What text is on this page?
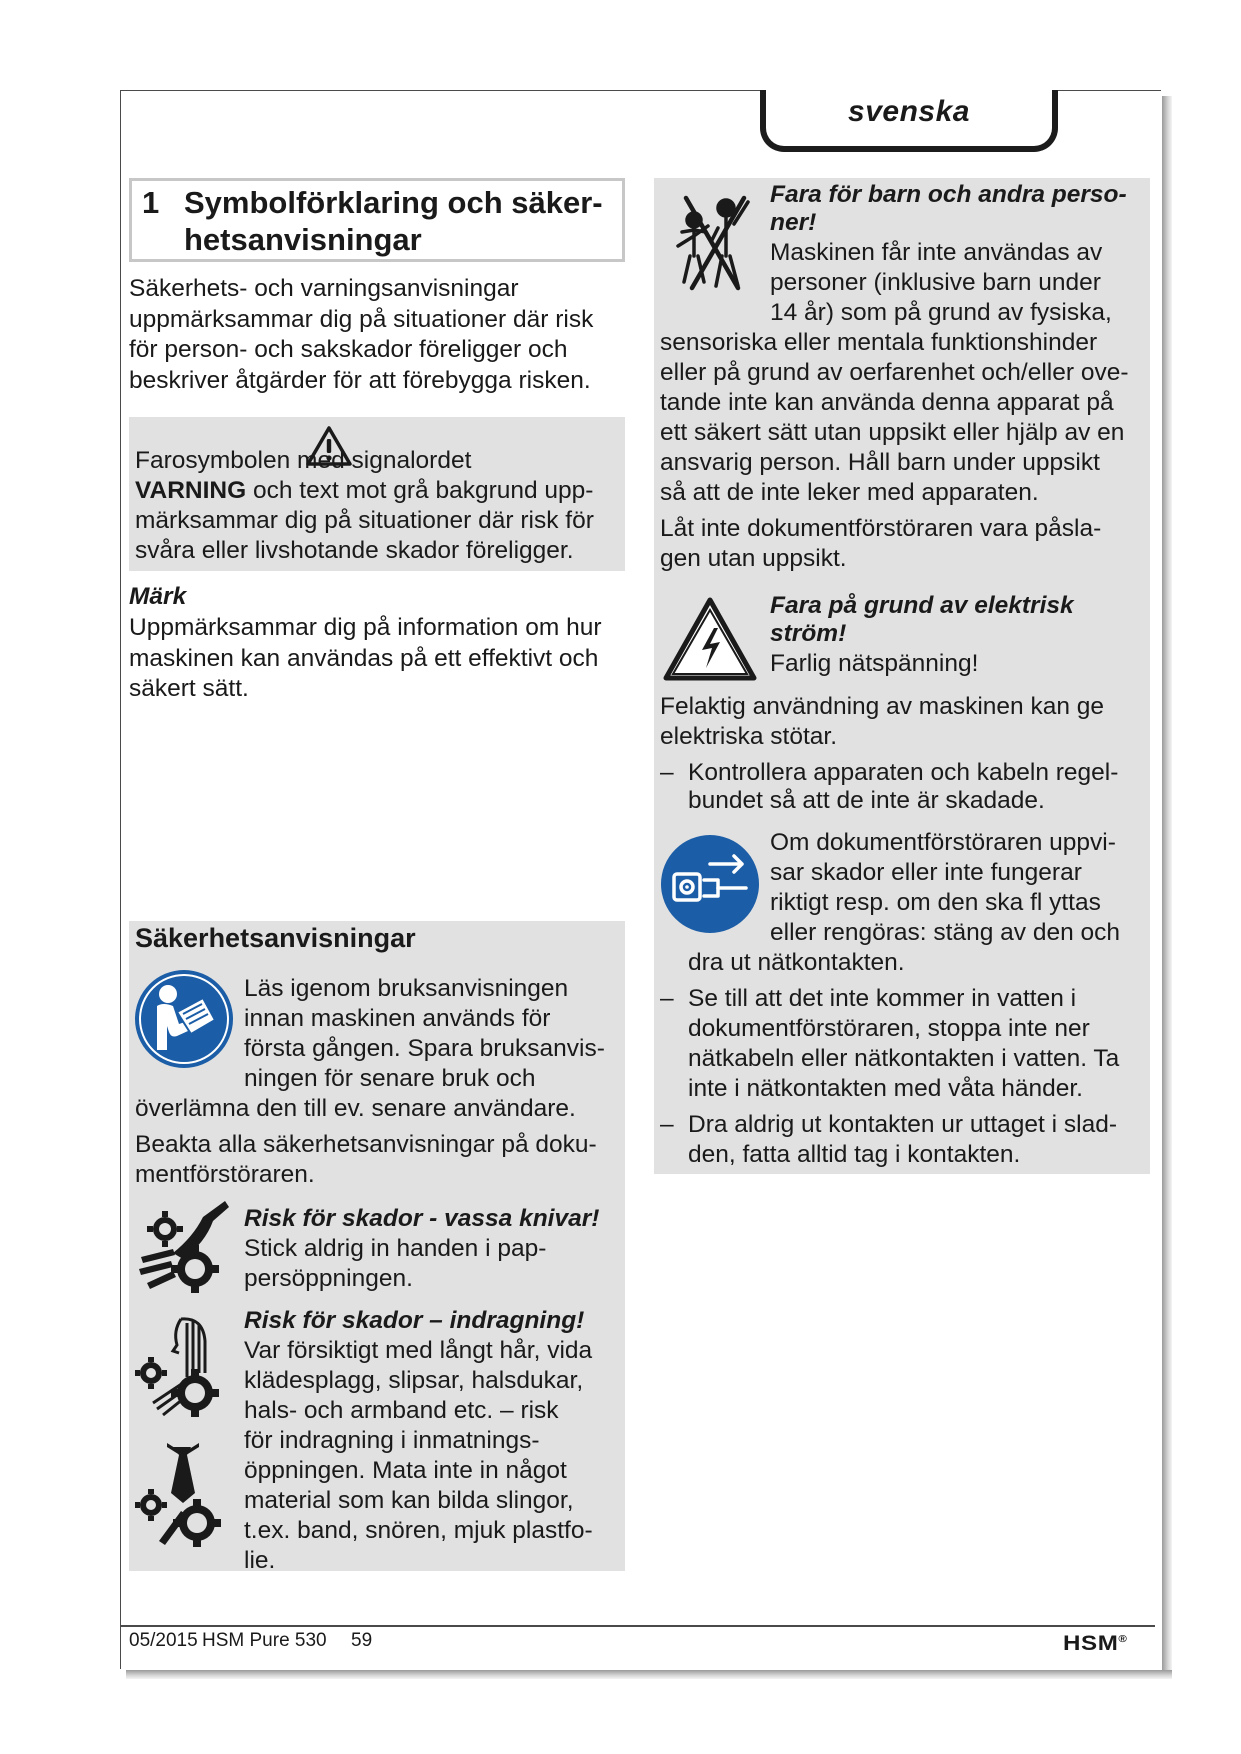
svenska
1 Symbolförklaring och säker-
hetsanvisningar
Säkerhets- och varningsanvisningar
uppmärksammar dig på situationer där risk
för person- och sakskador föreligger och
beskriver åtgärder för att förebygga risken.
Farosymbolen med signalordet
VARNING och text mot grå bakgrund upp-
märksammar dig på situationer där risk för
svåra eller livshotande skador föreligger.
Märk
Uppmärksammar dig på information om hur
maskinen kan användas på ett effektivt och
säkert sätt.
Säkerhetsanvisningar
Läs igenom bruksanvisningen
innan maskinen används för
första gången. Spara bruksanvis-
ningen för senare bruk och
överlämna den till ev. senare användare.
Beakta alla säkerhetsanvisningar på doku-
mentförstöraren.
Risk för skador - vassa knivar!
Stick aldrig in handen i pap-
persöppningen.
Risk för skador – indragning!
Var försiktigt med långt hår, vida
klädesplagg, slipsar, halsdukar,
hals- och armband etc. – risk
för indragning i inmatnings-
öppningen. Mata inte in något
material som kan bilda slingor,
t.ex. band, snören, mjuk plastfo-
lie.
Fara för barn och andra perso-
ner!
Maskinen får inte användas av
personer (inklusive barn under
14 år) som på grund av fysiska,
sensoriska eller mentala funktionshinder
eller på grund av oerfarenhet och/eller ove-
tande inte kan använda denna apparat på
ett säkert sätt utan uppsikt eller hjälp av en
ansvarig person. Håll barn under uppsikt
så att de inte leker med apparaten.
Låt inte dokumentförstöraren vara påsla-
gen utan uppsikt.
Fara på grund av elektrisk
ström!
Farlig nätspänning!
Felaktig användning av maskinen kan ge
elektriska stötar.
– Kontrollera apparaten och kabeln regel-
bundet så att de inte är skadade.
Om dokumentförstöraren uppvi-
sar skador eller inte fungerar
riktigt resp. om den ska fl yttas
eller rengöras: stäng av den och
dra ut nätkontakten.
– Se till att det inte kommer in vatten i
dokumentförstöraren, stoppa inte ner
nätkabeln eller nätkontakten i vatten. Ta
inte i nätkontakten med våta händer.
– Dra aldrig ut kontakten ur uttaget i slad-
den, fatta alltid tag i kontakten.
05/2015 HSM Pure 530 59	HSM®
